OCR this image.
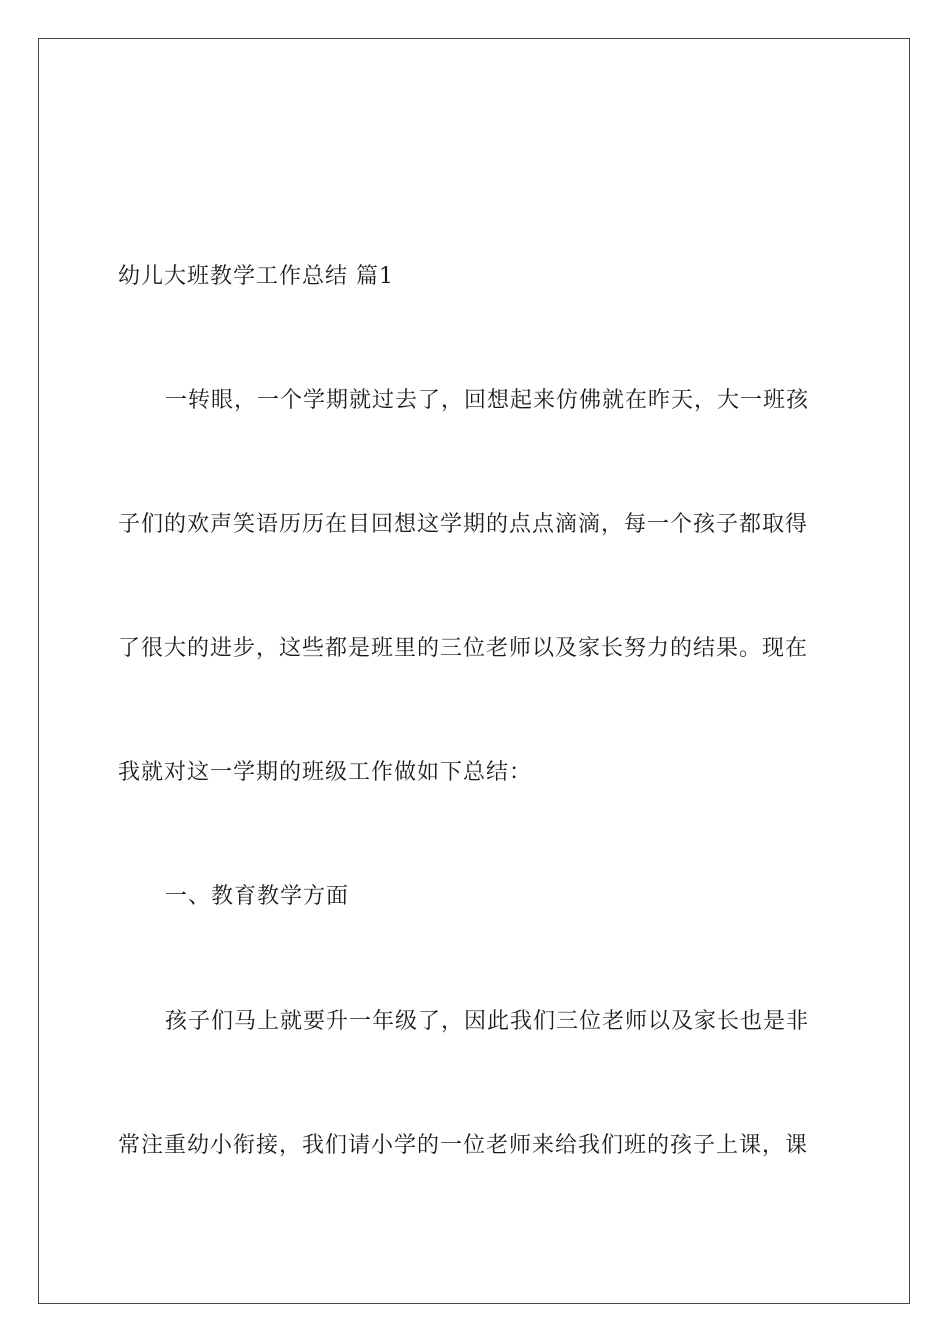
幼儿大班教学工作总结 篇1
一转眼，一个学期就过去了，回想起来仿佛就在昨天，大一班孩
子们的欢声笑语历历在目回想这学期的点点滴滴，每一个孩子都取得
了很大的进步，这些都是班里的三位老师以及家长努力的结果。现在
我就对这一学期的班级工作做如下总结：
一、教育教学方面
孩子们马上就要升一年级了，因此我们三位老师以及家长也是非
常注重幼小衔接，我们请小学的一位老师来给我们班的孩子上课，课
